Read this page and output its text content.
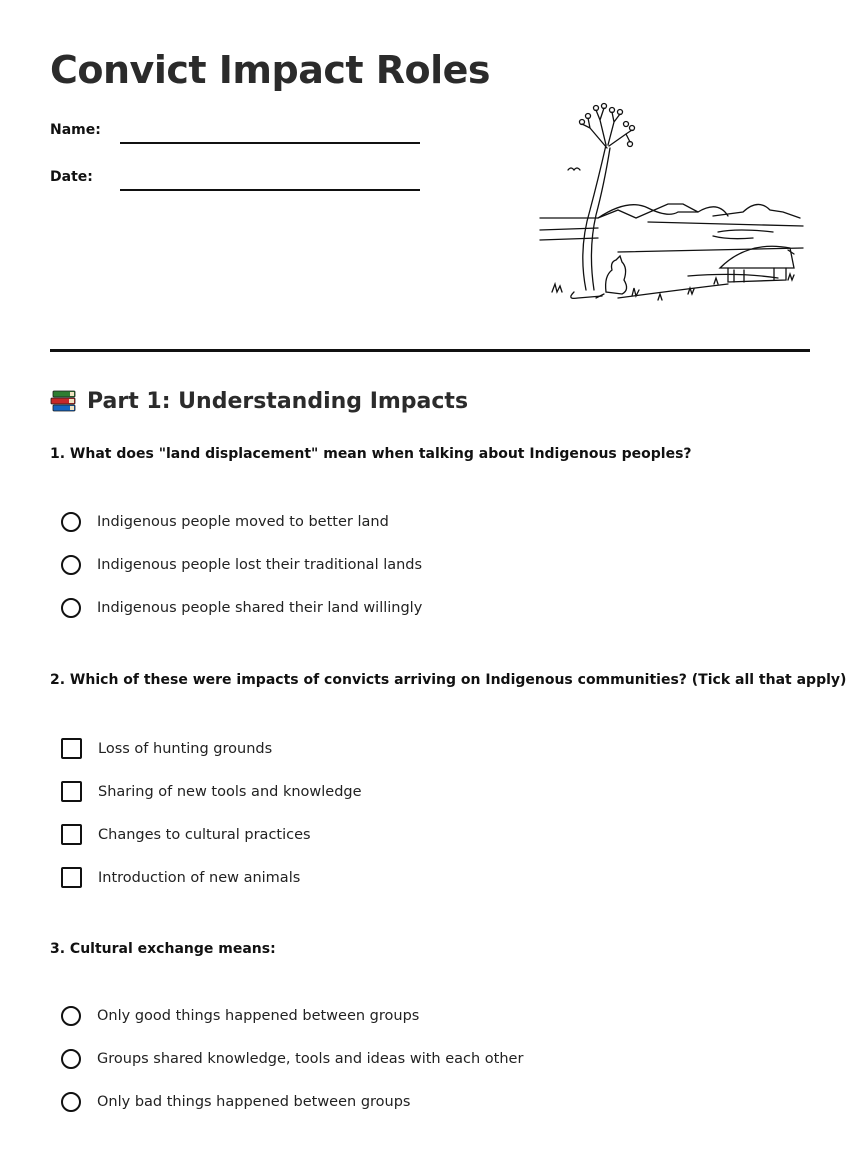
Convict Impact Roles
Name:
Date:
Part 1: Understanding Impacts

1. What does "land displacement" mean when talking about Indigenous peoples?

Indigenous people moved to better land
Indigenous people lost their traditional lands
Indigenous people shared their land willingly

2. Which of these were impacts of convicts arriving on Indigenous communities? (Tick all that apply)

Loss of hunting grounds
Sharing of new tools and knowledge
Changes to cultural practices
Introduction of new animals

3. Cultural exchange means:

Only good things happened between groups
Groups shared knowledge, tools and ideas with each other
Only bad things happened between groups
